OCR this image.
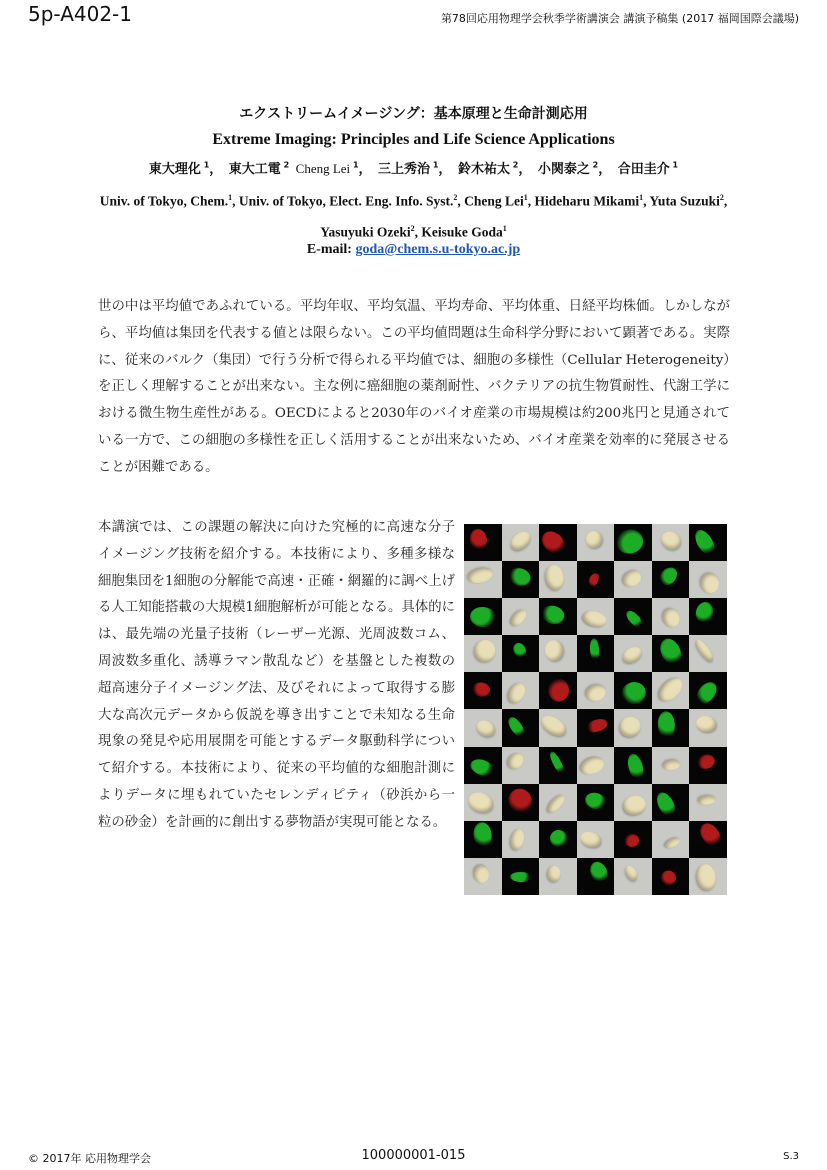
5p-A402-1	第78回応用物理学会秋季学術講演会 講演予稿集 (2017 福岡国際会議場)
エクストリームイメージング：基本原理と生命計測応用
Extreme Imaging: Principles and Life Science Applications
東大理化 $^1$，  東大工電 $^2$  Cheng Lei $^1$，  三上秀治 $^1$，  鈴木祐太 $^2$，  小関泰之 $^2$，  合田圭介 $^1$
Univ. of Tokyo, Chem.$^1$, Univ. of Tokyo, Elect. Eng. Info. Syst.$^2$, Cheng Lei$^1$, Hideharu Mikami$^1$, Yuta Suzuki$^2$, Yasuyuki Ozeki$^2$, Keisuke Goda$^1$
E-mail: goda@chem.s.u-tokyo.ac.jp
世の中は平均値であふれている。平均年収、平均気温、平均寿命、平均体重、日経平均株価。しかしながら、平均値は集団を代表する値とは限らない。この平均値問題は生命科学分野において顕著である。実際に、従来のバルク（集団）で行う分析で得られる平均値では、細胞の多様性（Cellular Heterogeneity）を正しく理解することが出来ない。主な例に癌細胞の薬剤耐性、バクテリアの抗生物質耐性、代謝工学における微生物生産性がある。OECDによると2030年のバイオ産業の市場規模は約200兆円と見通されている一方で、この細胞の多様性を正しく活用することが出来ないため、バイオ産業を効率的に発展させることが困難である。
本講演では、この課題の解決に向けた究極的に高速な分子イメージング技術を紹介する。本技術により、多種多様な細胞集団を1細胞の分解能で高速・正確・網羅的に調べ上げる人工知能搭載の大規模1細胞解析が可能となる。具体的には、最先端の光量子技術（レーザー光源、光周波数コム、周波数多重化、誘導ラマン散乱など）を基盤とした複数の超高速分子イメージング法、及びそれによって取得する膨大な高次元データから仮説を導き出すことで未知なる生命現象の発見や応用展開を可能とするデータ駆動科学について紹介する。本技術により、従来の平均値的な細胞計測によりデータに埋もれていたセレンディピティ（砂浜から一粒の砂金）を計画的に創出する夢物語が実現可能となる。
© 2017年 応用物理学会	100000001-015	S.3
